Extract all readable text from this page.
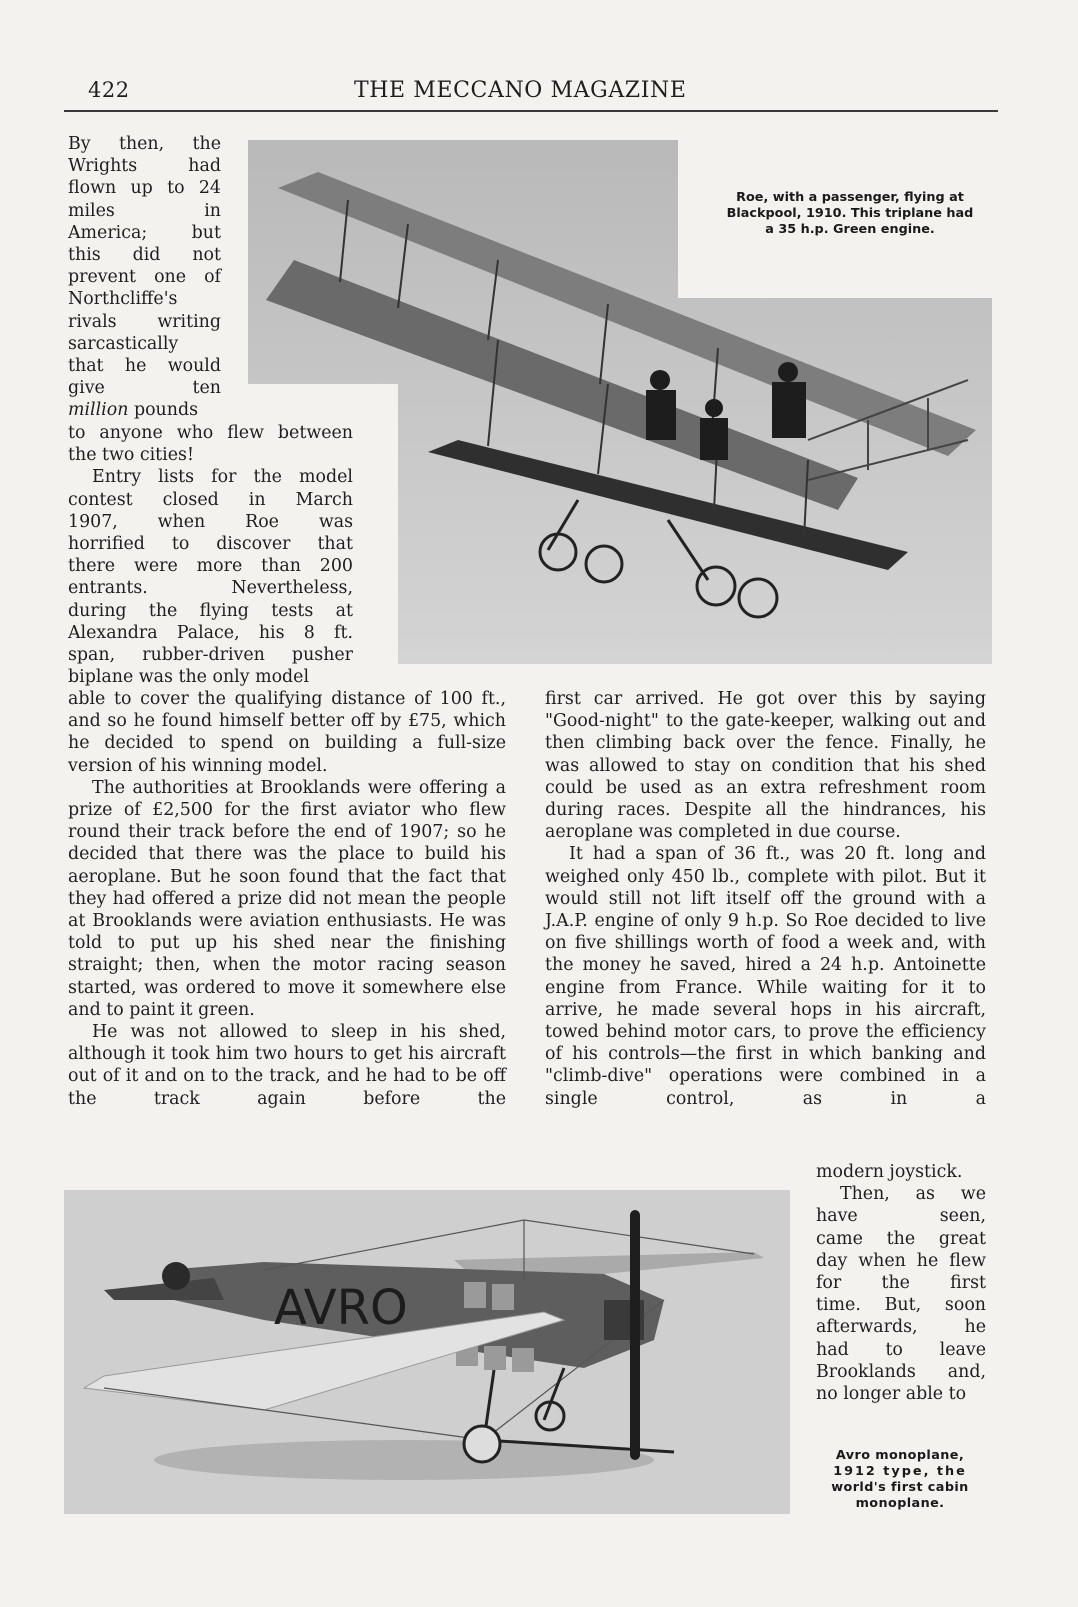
422	THE MECCANO MAGAZINE
Roe, with a passenger, flying at
Blackpool, 1910. This triplane had
a 35 h.p. Green engine.
By then, the
Wrights had
flown up to 24
miles in
America; but
this did not
prevent one of
Northcliffe's
rivals writing
sarcastically
that he would
give ten
million pounds
to anyone who flew between
the two cities!
Entry lists for the model
contest closed in March
1907, when Roe was
horrified to discover that
there were more than 200
entrants. Nevertheless,
during the flying tests at
Alexandra Palace, his 8 ft.
span, rubber-driven pusher
biplane was the only model

able to cover the qualifying distance of 100 ft., and so he found himself better off by £75, which he decided to spend on building a full-size version of his winning model.

The authorities at Brooklands were offering a prize of £2,500 for the first aviator who flew round their track before the end of 1907; so he decided that there was the place to build his aeroplane. But he soon found that the fact that they had offered a prize did not mean the people at Brooklands were aviation enthusiasts. He was told to put up his shed near the finishing straight; then, when the motor racing season started, was ordered to move it somewhere else and to paint it green.

He was not allowed to sleep in his shed, although it took him two hours to get his aircraft out of it and on to the track, and he had to be off the track again before the

first car arrived. He got over this by saying "Good-night" to the gate-keeper, walking out and then climbing back over the fence. Finally, he was allowed to stay on condition that his shed could be used as an extra refreshment room during races. Despite all the hindrances, his aeroplane was completed in due course.

It had a span of 36 ft., was 20 ft. long and weighed only 450 lb., complete with pilot. But it would still not lift itself off the ground with a J.A.P. engine of only 9 h.p. So Roe decided to live on five shillings worth of food a week and, with the money he saved, hired a 24 h.p. Antoinette engine from France. While waiting for it to arrive, he made several hops in his aircraft, towed behind motor cars, to prove the efficiency of his controls—the first in which banking and "climb-dive" operations were combined in a single control, as in a

modern joystick.
Then, as we
have seen,
came the great
day when he flew
for the first
time. But, soon
afterwards, he
had to leave
Brooklands and,
no longer able to
AVRO
Avro monoplane,
1912 type, the
world's first cabin
monoplane.
